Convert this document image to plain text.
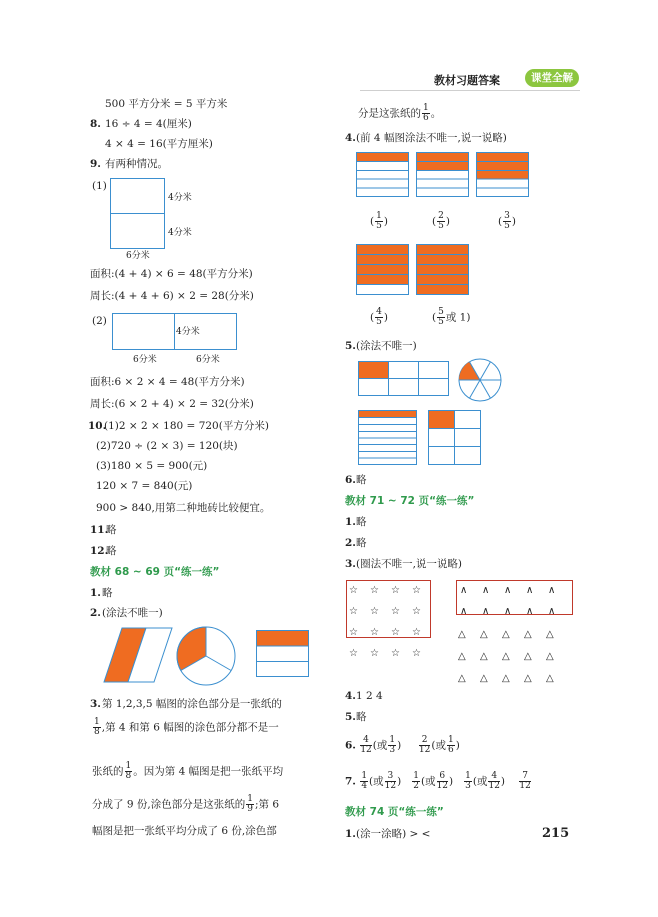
教材习题答案	课堂全解
500 平方分米 = 5 平方米
8. 16 ÷ 4 = 4(厘米)
4 × 4 = 16(平方厘米)
9. 有两种情况。
(1)
4分米
4分米
6分米
面积:(4 + 4) × 6 = 48(平方分米)
周长:(4 + 4 + 6) × 2 = 28(分米)
(2)
4分米
6分米	6分米
面积:6 × 2 × 4 = 48(平方分米)
周长:(6 × 2 + 4) × 2 = 32(分米)
10.
(1)2 × 2 × 180 = 720(平方分米)
(2)720 ÷ (2 × 3) = 120(块)
(3)180 × 5 = 900(元)
120 × 7 = 840(元)
900 > 840,用第二种地砖比较便宜。
11.
略
12.
略
教材 68 ~ 69 页“练一练”
1. 略
2. (涂法不唯一)
3. 第 1,2,3,5 幅图的涂色部分是一张纸的
$\frac{1}{8}$ ,第 4 和第 6 幅图的涂色部分都不是一
张纸的 $\frac{1}{8}$ 。因为第 4 幅图是把一张纸平均
分成了 9 份,涂色部分是这张纸的 $\frac{1}{9}$ ;第 6
幅图是把一张纸平均分成了 6 份,涂色部
分是这张纸的 $\frac{1}{6}$ 。
4. (前 4 幅图涂法不唯一,说一说略)
( $\frac{1}{5}$ )	( $\frac{2}{5}$ )	( $\frac{3}{5}$ )
( $\frac{4}{5}$ )	( $\frac{5}{5}$ 或 1)
5. (涂法不唯一)
6. 略
教材 71 ~ 72 页“练一练”
1. 略
2. 略
3. (圈法不唯一,说一说略)
☆ ☆ ☆ ☆
☆ ☆ ☆ ☆
☆ ☆ ☆ ☆
☆ ☆ ☆ ☆
∧ ∧ ∧ ∧ ∧
∧ ∧ ∧ ∧ ∧
△ △ △ △ △
△ △ △ △ △
△ △ △ △ △
4. 1 2 4
5. 略
6. $\frac{4}{12}$ (或 $\frac{1}{3}$ ) $\frac{2}{12}$ (或 $\frac{1}{6}$ )
7. $\frac{1}{4}$ (或 $\frac{3}{12}$ ) $\frac{1}{2}$ (或 $\frac{6}{12}$ ) $\frac{1}{3}$ (或 $\frac{4}{12}$ ) $\frac{7}{12}$
教材 74 页“练一练”
1. (涂一涂略) > <	215
